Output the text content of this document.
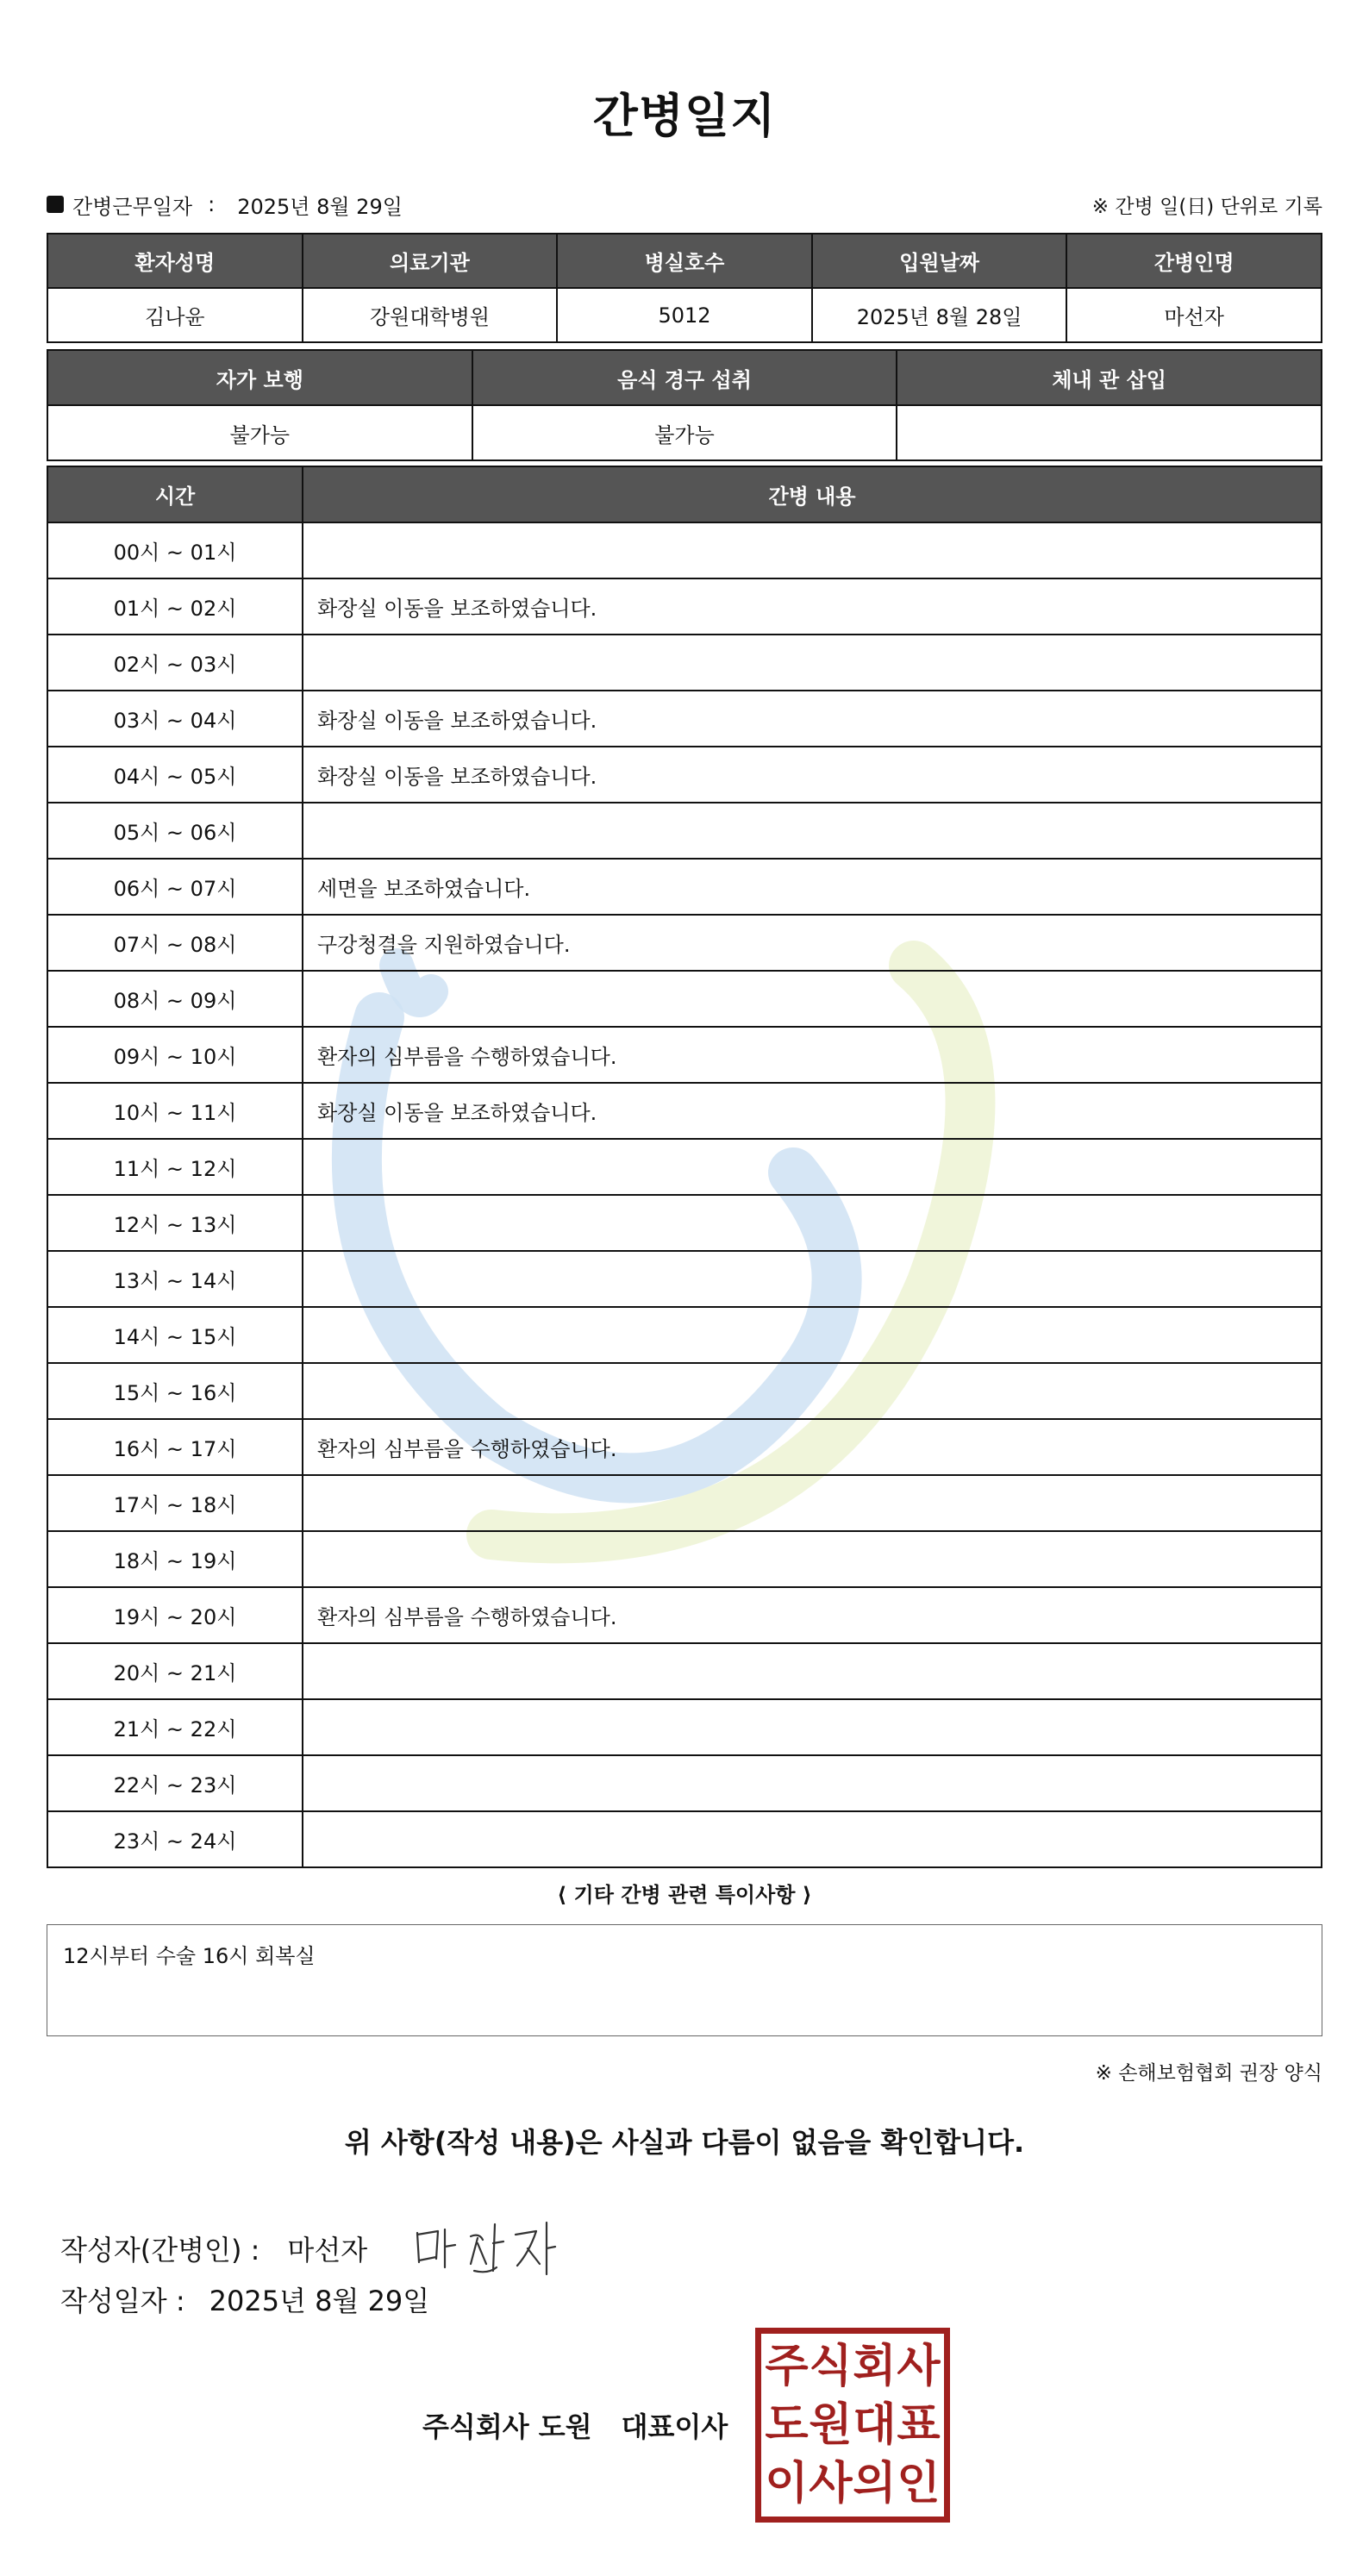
간병일지
간병근무일자 : 2025년 8월 29일	※ 간병 일(日) 단위로 기록
환자성명	의료기관	병실호수	입원날짜	간병인명
김나윤	강원대학병원	5012	2025년 8월 28일	마선자
자가 보행	음식 경구 섭취	체내 관 삽입
불가능	불가능	
시간	간병 내용
00시 ~ 01시	
01시 ~ 02시	화장실 이동을 보조하였습니다.
02시 ~ 03시	
03시 ~ 04시	화장실 이동을 보조하였습니다.
04시 ~ 05시	화장실 이동을 보조하였습니다.
05시 ~ 06시	
06시 ~ 07시	세면을 보조하였습니다.
07시 ~ 08시	구강청결을 지원하였습니다.
08시 ~ 09시	
09시 ~ 10시	환자의 심부름을 수행하였습니다.
10시 ~ 11시	화장실 이동을 보조하였습니다.
11시 ~ 12시	
12시 ~ 13시	
13시 ~ 14시	
14시 ~ 15시	
15시 ~ 16시	
16시 ~ 17시	환자의 심부름을 수행하였습니다.
17시 ~ 18시	
18시 ~ 19시	
19시 ~ 20시	환자의 심부름을 수행하였습니다.
20시 ~ 21시	
21시 ~ 22시	
22시 ~ 23시	
23시 ~ 24시	
⟨ 기타 간병 관련 특이사항 ⟩
12시부터 수술 16시 회복실
※ 손해보험협회 권장 양식
위 사항(작성 내용)은 사실과 다름이 없음을 확인합니다.
작성자(간병인) : 마선자
작성일자 : 2025년 8월 29일
주식회사 도원 대표이사
주 식 회 사
도 원 대 표
이 사 의 인
